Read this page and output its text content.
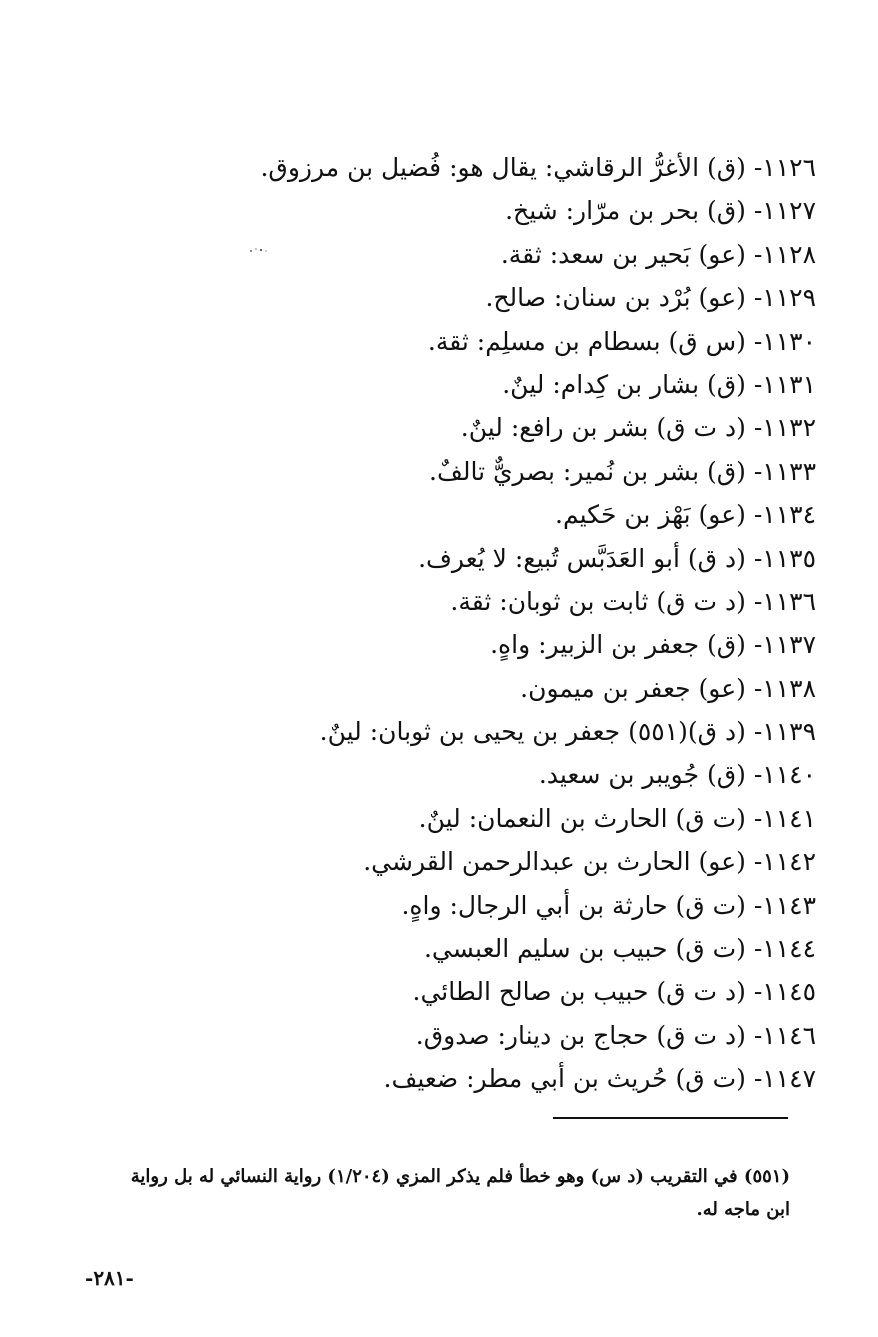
١١٢٦- (ق) الأغرُّ الرقاشي: يقال هو: فُضيل بن مرزوق.
١١٢٧- (ق) بحر بن مرّار: شيخ.
١١٢٨- (عو) بَحير بن سعد: ثقة.
١١٢٩- (عو) بُرْد بن سنان: صالح.
١١٣٠- (س ق) بسطام بن مسلِم: ثقة.
١١٣١- (ق) بشار بن كِدام: لينٌ.
١١٣٢- (د ت ق) بشر بن رافع: لينٌ.
١١٣٣- (ق) بشر بن نُمير: بصريٌّ تالفٌ.
١١٣٤- (عو) بَهْز بن حَكيم.
١١٣٥- (د ق) أبو العَدَبَّس تُبيع: لا يُعرف.
١١٣٦- (د ت ق) ثابت بن ثوبان: ثقة.
١١٣٧- (ق) جعفر بن الزبير: واهٍ.
١١٣٨- (عو) جعفر بن ميمون.
١١٣٩- (د ق)(٥٥١) جعفر بن يحيى بن ثوبان: لينٌ.
١١٤٠- (ق) جُويبر بن سعيد.
١١٤١- (ت ق) الحارث بن النعمان: لينٌ.
١١٤٢- (عو) الحارث بن عبدالرحمن القرشي.
١١٤٣- (ت ق) حارثة بن أبي الرجال: واهٍ.
١١٤٤- (ت ق) حبيب بن سليم العبسي.
١١٤٥- (د ت ق) حبيب بن صالح الطائي.
١١٤٦- (د ت ق) حجاج بن دينار: صدوق.
١١٤٧- (ت ق) حُريث بن أبي مطر: ضعيف.
(٥٥١) في التقريب (د س) وهو خطأ فلم يذكر المزي (١/٢٠٤) رواية النسائي له بل رواية
ابن ماجه له.
-٢٨١-
